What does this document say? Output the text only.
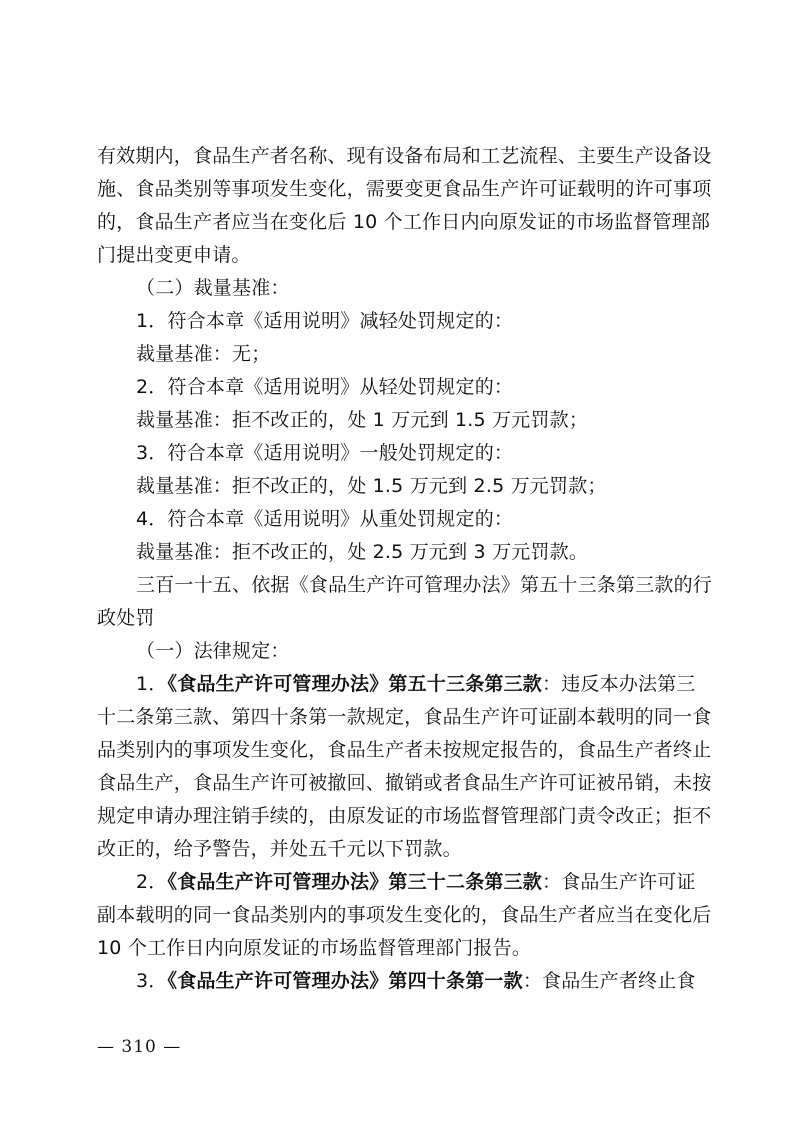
有效期内，食品生产者名称、现有设备布局和工艺流程、主要生产设备设
施、食品类别等事项发生变化，需要变更食品生产许可证载明的许可事项
的，食品生产者应当在变化后 10 个工作日内向原发证的市场监督管理部
门提出变更申请。
（二）裁量基准：
1．符合本章《适用说明》减轻处罚规定的：
裁量基准：无；
2．符合本章《适用说明》从轻处罚规定的：
裁量基准：拒不改正的，处 1 万元到 1.5 万元罚款；
3．符合本章《适用说明》一般处罚规定的：
裁量基准：拒不改正的，处 1.5 万元到 2.5 万元罚款；
4．符合本章《适用说明》从重处罚规定的：
裁量基准：拒不改正的，处 2.5 万元到 3 万元罚款。
三百一十五、依据《食品生产许可管理办法》第五十三条第三款的行
政处罚
（一）法律规定：
1．《食品生产许可管理办法》第五十三条第三款：违反本办法第三
十二条第三款、第四十条第一款规定，食品生产许可证副本载明的同一食
品类别内的事项发生变化，食品生产者未按规定报告的，食品生产者终止
食品生产，食品生产许可被撤回、撤销或者食品生产许可证被吊销，未按
规定申请办理注销手续的，由原发证的市场监督管理部门责令改正；拒不
改正的，给予警告，并处五千元以下罚款。
2．《食品生产许可管理办法》第三十二条第三款：食品生产许可证
副本载明的同一食品类别内的事项发生变化的，食品生产者应当在变化后
10 个工作日内向原发证的市场监督管理部门报告。
3．《食品生产许可管理办法》第四十条第一款：食品生产者终止食
— 310 —
